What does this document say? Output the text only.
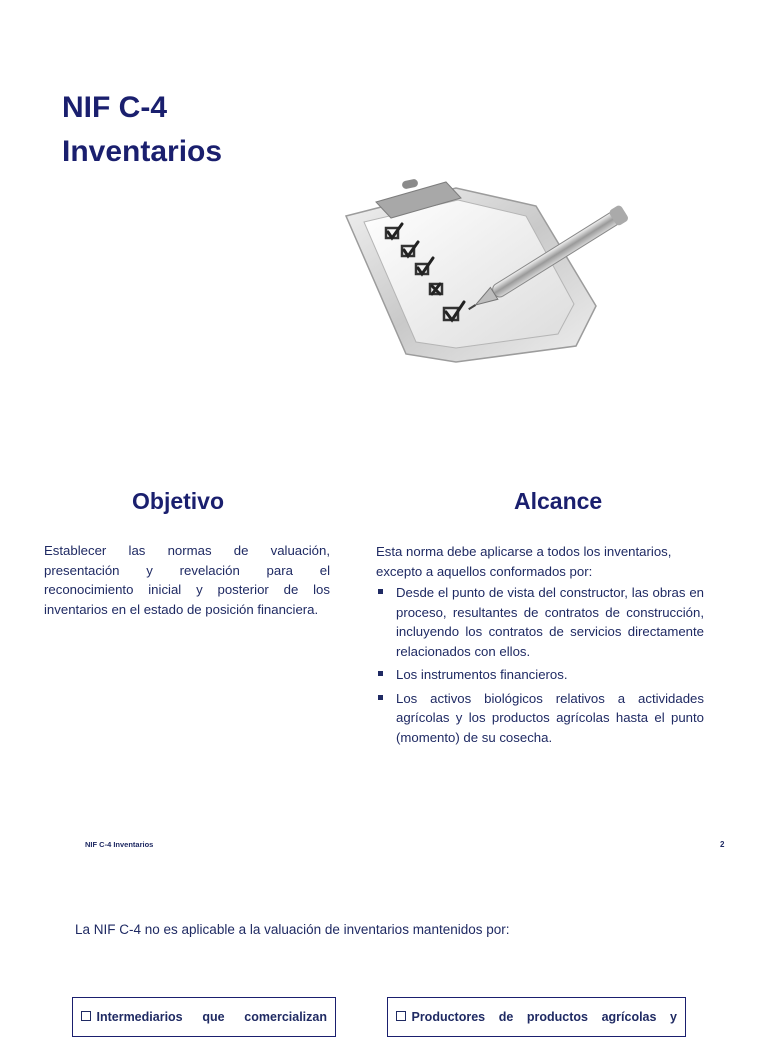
NIF C-4
Inventarios
Objetivo
Establecer las normas de valuación, presentación y revelación para el reconocimiento inicial y posterior de los inventarios en el estado de posición financiera.
Alcance
Esta norma debe aplicarse a todos los inventarios, excepto a aquellos conformados por:
Desde el punto de vista del constructor, las obras en proceso, resultantes de contratos de construcción, incluyendo los contratos de servicios directamente relacionados con ellos.
Los instrumentos financieros.
Los activos biológicos relativos a actividades agrícolas y los productos agrícolas hasta el punto (momento) de su cosecha.
NIF C-4 Inventarios	2
La NIF C-4 no es aplicable a la valuación de inventarios mantenidos por:
Intermediarios que comercializan	Productores de productos agrícolas y
